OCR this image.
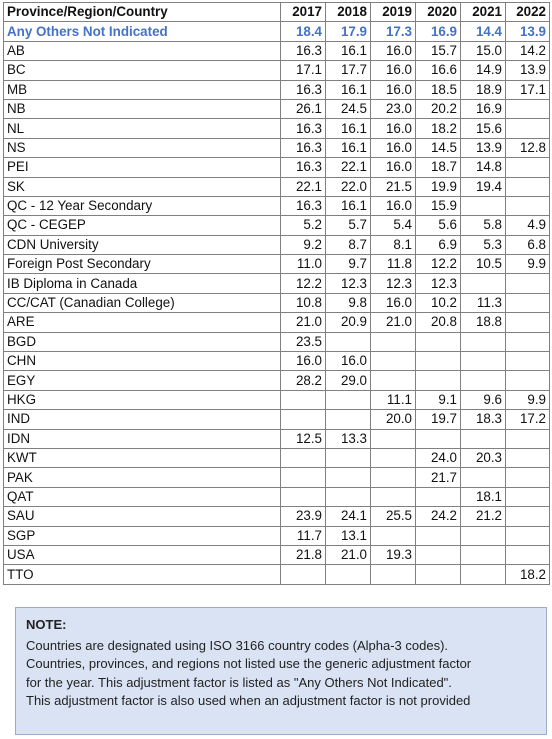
Province/Region/Country	2017	2018	2019	2020	2021	2022
Any Others Not Indicated	18.4	17.9	17.3	16.9	14.4	13.9
AB	16.3	16.1	16.0	15.7	15.0	14.2
BC	17.1	17.7	16.0	16.6	14.9	13.9
MB	16.3	16.1	16.0	18.5	18.9	17.1
NB	26.1	24.5	23.0	20.2	16.9	
NL	16.3	16.1	16.0	18.2	15.6	
NS	16.3	16.1	16.0	14.5	13.9	12.8
PEI	16.3	22.1	16.0	18.7	14.8	
SK	22.1	22.0	21.5	19.9	19.4	
QC - 12 Year Secondary	16.3	16.1	16.0	15.9		
QC - CEGEP	5.2	5.7	5.4	5.6	5.8	4.9
CDN University	9.2	8.7	8.1	6.9	5.3	6.8
Foreign Post Secondary	11.0	9.7	11.8	12.2	10.5	9.9
IB Diploma in Canada	12.2	12.3	12.3	12.3		
CC/CAT (Canadian College)	10.8	9.8	16.0	10.2	11.3	
ARE	21.0	20.9	21.0	20.8	18.8	
BGD	23.5					
CHN	16.0	16.0				
EGY	28.2	29.0				
HKG			11.1	9.1	9.6	9.9
IND			20.0	19.7	18.3	17.2
IDN	12.5	13.3				
KWT				24.0	20.3	
PAK				21.7		
QAT					18.1	
SAU	23.9	24.1	25.5	24.2	21.2	
SGP	11.7	13.1				
USA	21.8	21.0	19.3			
TTO						18.2
NOTE:
Countries are designated using ISO 3166 country codes (Alpha-3 codes).
Countries, provinces, and regions not listed use the generic adjustment factor
for the year. This adjustment factor is listed as "Any Others Not Indicated".
This adjustment factor is also used when an adjustment factor is not provided
